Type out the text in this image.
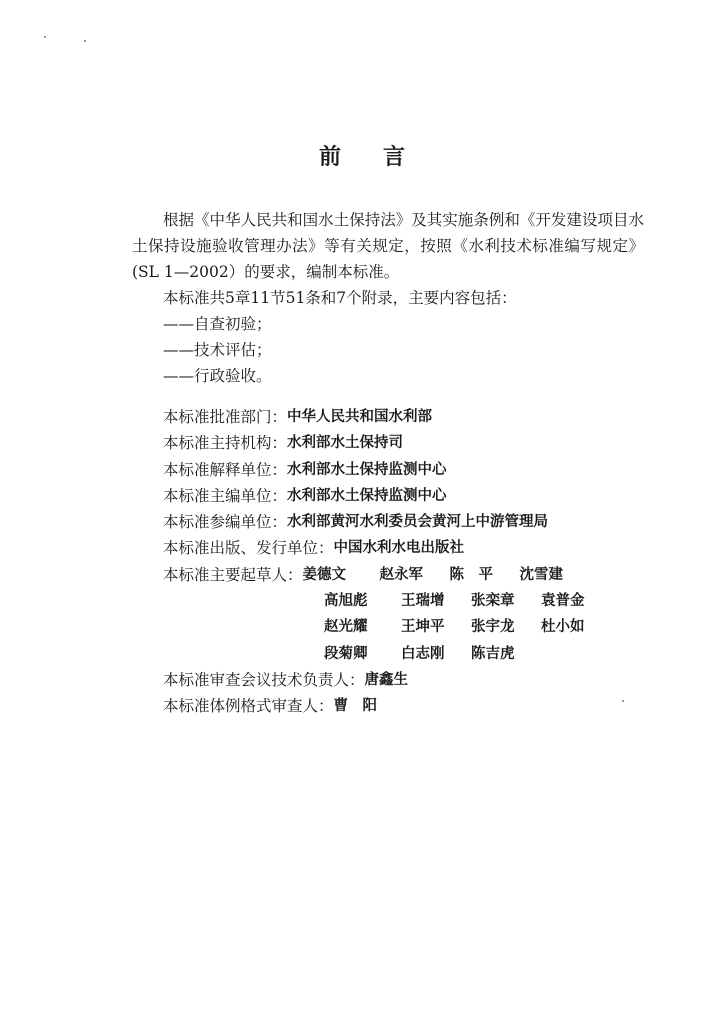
前言
根据《中华人民共和国水土保持法》及其实施条例和《开发建设项目水土保持设施验收管理办法》等有关规定，按照《水利技术标准编写规定》(SL 1—2002）的要求，编制本标准。
本标准共5章11节51条和7个附录，主要内容包括：
——自查初验；
——技术评估；
——行政验收。
本标准批准部门： 中华人民共和国水利部
本标准主持机构： 水利部水土保持司
本标准解释单位： 水利部水土保持监测中心
本标准主编单位： 水利部水土保持监测中心
本标准参编单位： 水利部黄河水利委员会黄河上中游管理局
本标准出版、发行单位： 中国水利水电出版社
本标准主要起草人： 姜德文	赵永军	陈　平	沈雪建
高旭彪	王瑞增	张栾章	袁普金
赵光耀	王坤平	张宇龙	杜小如
段菊卿	白志刚	陈吉虎
本标准审查会议技术负责人： 唐鑫生
本标准体例格式审查人： 曹　阳
